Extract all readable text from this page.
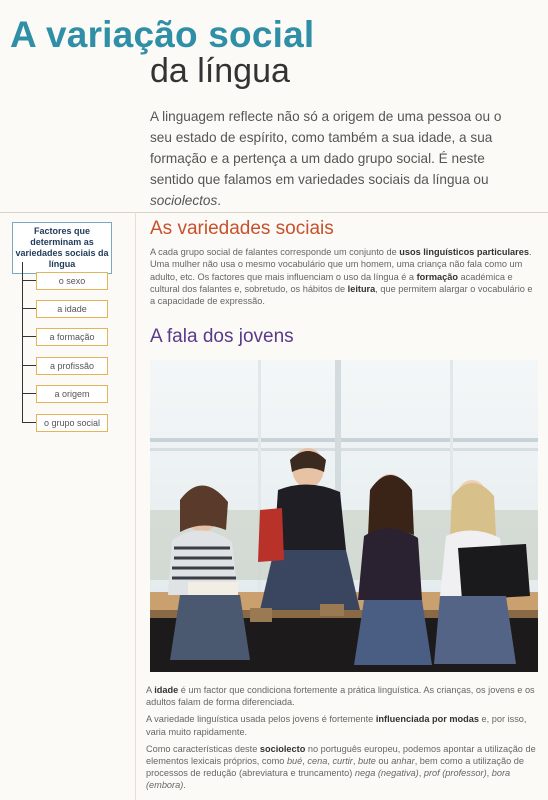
A variação social
da língua
A linguagem reflecte não só a origem de uma pessoa ou o seu estado de espírito, como também a sua idade, a sua formação e a pertença a um dado grupo social. É neste sentido que falamos em variedades sociais da língua ou sociolectos.
Factores que determinam as variedades sociais da língua
o sexo
a idade
a formação
a profissão
a origem
o grupo social
As variedades sociais
A cada grupo social de falantes corresponde um conjunto de usos linguísticos particulares. Uma mulher não usa o mesmo vocabulário que um homem, uma criança não fala como um adulto, etc. Os factores que mais influenciam o uso da língua é a formação académica e cultural dos falantes e, sobretudo, os hábitos de leitura, que permitem alargar o vocabulário e a capacidade de expressão.
A fala dos jovens

A idade é um factor que condiciona fortemente a prática linguística. As crianças, os jovens e os adultos falam de forma diferenciada.

A variedade linguística usada pelos jovens é fortemente influenciada por modas e, por isso, varia muito rapidamente.

Como características deste sociolecto no português europeu, podemos apontar a utilização de elementos lexicais próprios, como bué, cena, curtir, bute ou anhar, bem como a utilização de processos de redução (abreviatura e truncamento) nega (negativa), prof (professor), bora (embora).
